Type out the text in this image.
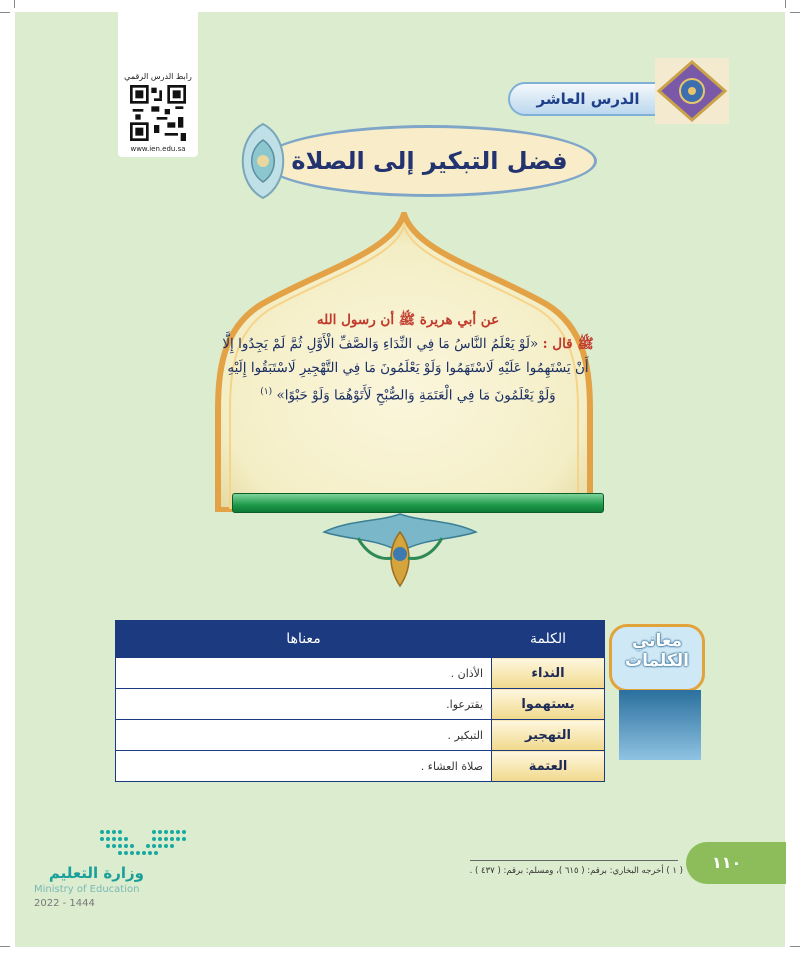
رابط الدرس الرقمي
www.ien.edu.sa
الدرس العاشر
فضل التبكير إلى الصلاة
عن أبي هريرة ﷺ أن رسول الله
ﷺ قال : «لَوْ يَعْلَمُ النَّاسُ مَا فِي النِّدَاءِ وَالصَّفِّ الْأَوَّلِ ثُمَّ لَمْ يَجِدُوا إِلَّا أَنْ يَسْتَهِمُوا عَلَيْهِ لَاسْتَهَمُوا وَلَوْ يَعْلَمُونَ مَا فِي التَّهْجِيرِ لَاسْتَبَقُوا إِلَيْهِ وَلَوْ يَعْلَمُونَ مَا فِي الْعَتَمَةِ وَالصُّبْحِ لَأَتَوْهُمَا وَلَوْ حَبْوًا» $^{(١)}$
معاني
الكلمات
الكلمة	معناها
النداء	الأذان .
يستهموا	يقترعوا.
التهجير	التبكير .
العتمة	صلاة العشاء .
وزارة التعليم
Ministry of Education
2022 - 1444
( ١ ) أخرجه البخاري: برقم: ( ٦١٥ )، ومسلم: برقم: ( ٤٣٧ ) .	١١٠
